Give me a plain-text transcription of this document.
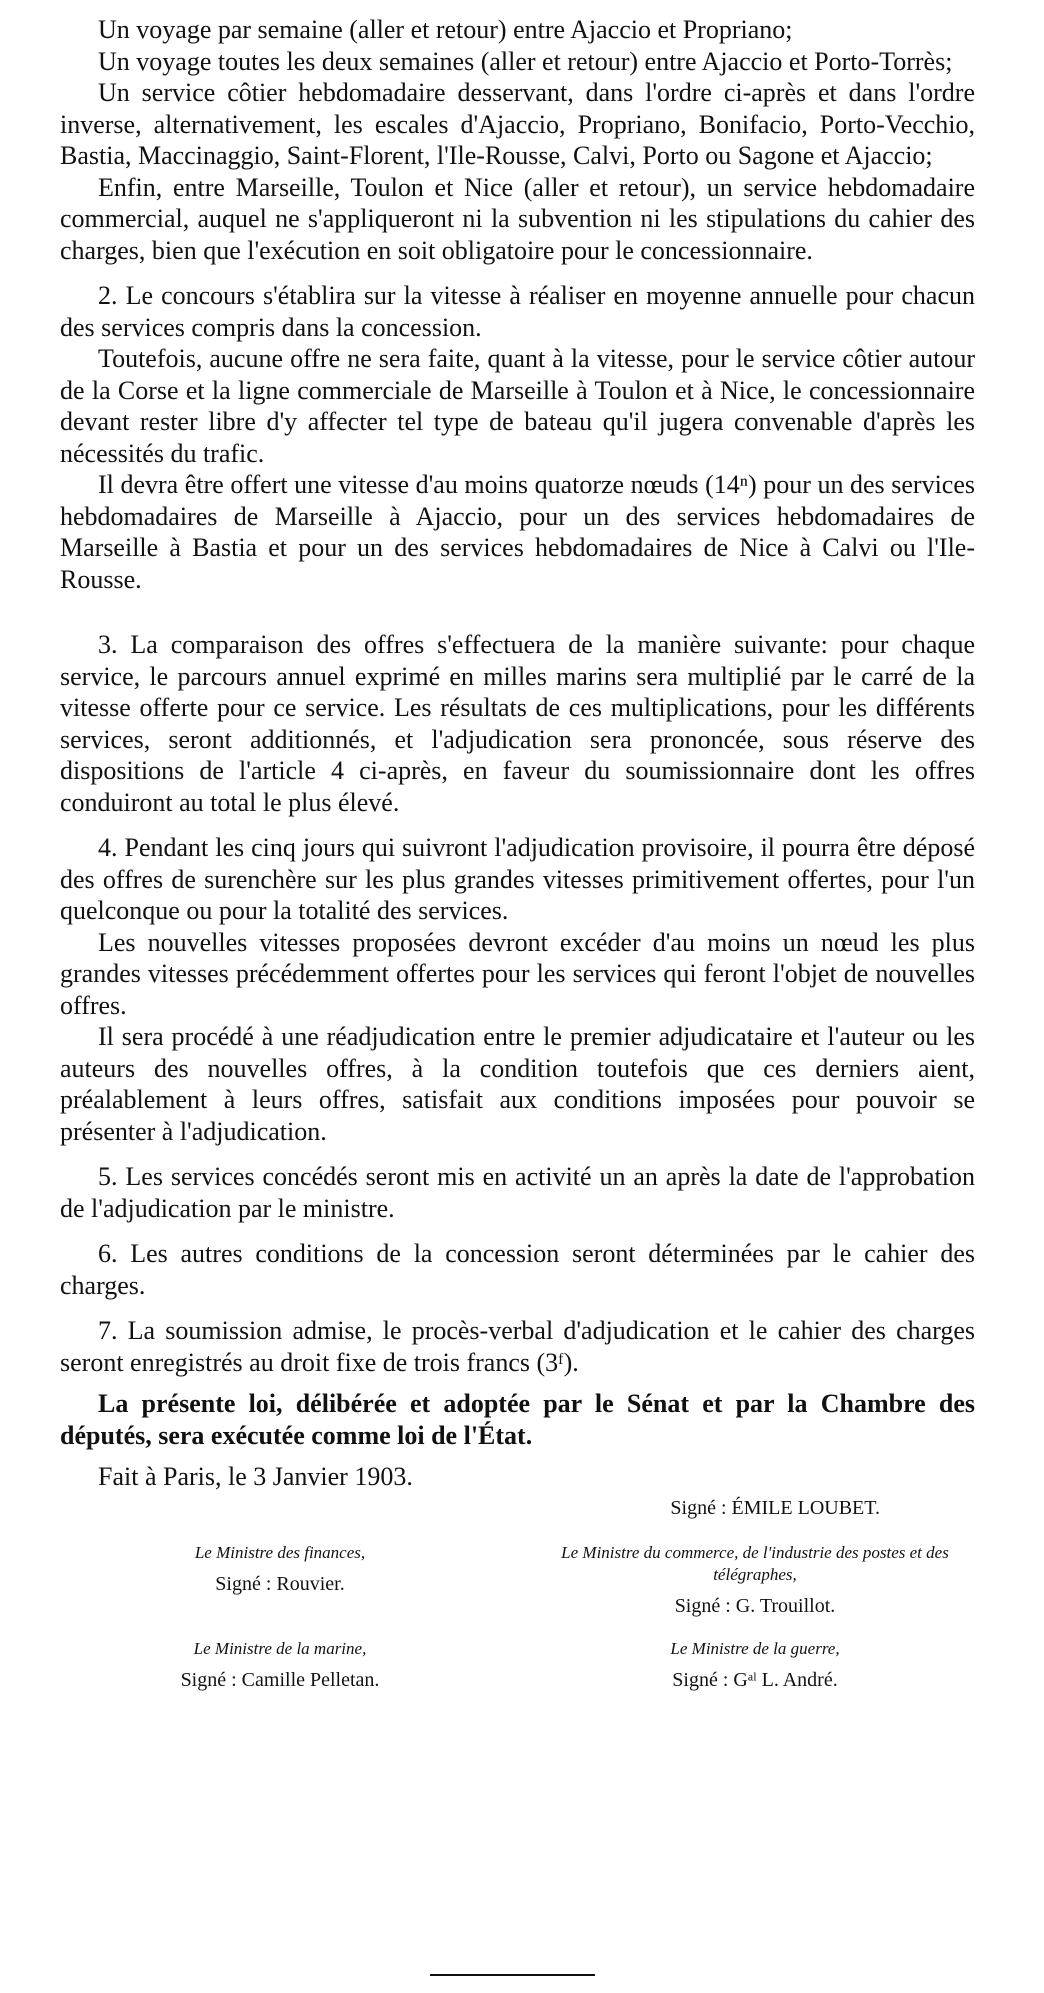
Un voyage par semaine (aller et retour) entre Ajaccio et Propriano;

Un voyage toutes les deux semaines (aller et retour) entre Ajaccio et Porto-Torrès;

Un service côtier hebdomadaire desservant, dans l'ordre ci-après et dans l'ordre inverse, alternativement, les escales d'Ajaccio, Propriano, Bonifacio, Porto-Vecchio, Bastia, Maccinaggio, Saint-Florent, l'Ile-Rousse, Calvi, Porto ou Sagone et Ajaccio;

Enfin, entre Marseille, Toulon et Nice (aller et retour), un service hebdomadaire commercial, auquel ne s'appliqueront ni la subvention ni les stipulations du cahier des charges, bien que l'exécution en soit obligatoire pour le concessionnaire.

2. Le concours s'établira sur la vitesse à réaliser en moyenne annuelle pour chacun des services compris dans la concession.

Toutefois, aucune offre ne sera faite, quant à la vitesse, pour le service côtier autour de la Corse et la ligne commerciale de Marseille à Toulon et à Nice, le concessionnaire devant rester libre d'y affecter tel type de bateau qu'il jugera convenable d'après les nécessités du trafic.

Il devra être offert une vitesse d'au moins quatorze nœuds (14ⁿ) pour un des services hebdomadaires de Marseille à Ajaccio, pour un des services hebdomadaires de Marseille à Bastia et pour un des services hebdomadaires de Nice à Calvi ou l'Ile-Rousse.

3. La comparaison des offres s'effectuera de la manière suivante: pour chaque service, le parcours annuel exprimé en milles marins sera multiplié par le carré de la vitesse offerte pour ce service. Les résultats de ces multiplications, pour les différents services, seront additionnés, et l'adjudication sera prononcée, sous réserve des dispositions de l'article 4 ci-après, en faveur du soumissionnaire dont les offres conduiront au total le plus élevé.

4. Pendant les cinq jours qui suivront l'adjudication provisoire, il pourra être déposé des offres de surenchère sur les plus grandes vitesses primitivement offertes, pour l'un quelconque ou pour la totalité des services.

Les nouvelles vitesses proposées devront excéder d'au moins un nœud les plus grandes vitesses précédemment offertes pour les services qui feront l'objet de nouvelles offres.

Il sera procédé à une réadjudication entre le premier adjudicataire et l'auteur ou les auteurs des nouvelles offres, à la condition toutefois que ces derniers aient, préalablement à leurs offres, satisfait aux conditions imposées pour pouvoir se présenter à l'adjudication.

5. Les services concédés seront mis en activité un an après la date de l'approbation de l'adjudication par le ministre.

6. Les autres conditions de la concession seront déterminées par le cahier des charges.

7. La soumission admise, le procès-verbal d'adjudication et le cahier des charges seront enregistrés au droit fixe de trois francs (3ᶠ).

La présente loi, délibérée et adoptée par le Sénat et par la Chambre des députés, sera exécutée comme loi de l'État.

Fait à Paris, le 3 Janvier 1903.

Signé : ÉMILE LOUBET.
Le Ministre des finances,
Signé : Rouvier.
Le Ministre du commerce, de l'industrie des postes et des télégraphes,
Signé : G. Trouillot.
Le Ministre de la marine,
Signé : Camille Pelletan.
Le Ministre de la guerre,
Signé : Gᵃˡ L. André.
